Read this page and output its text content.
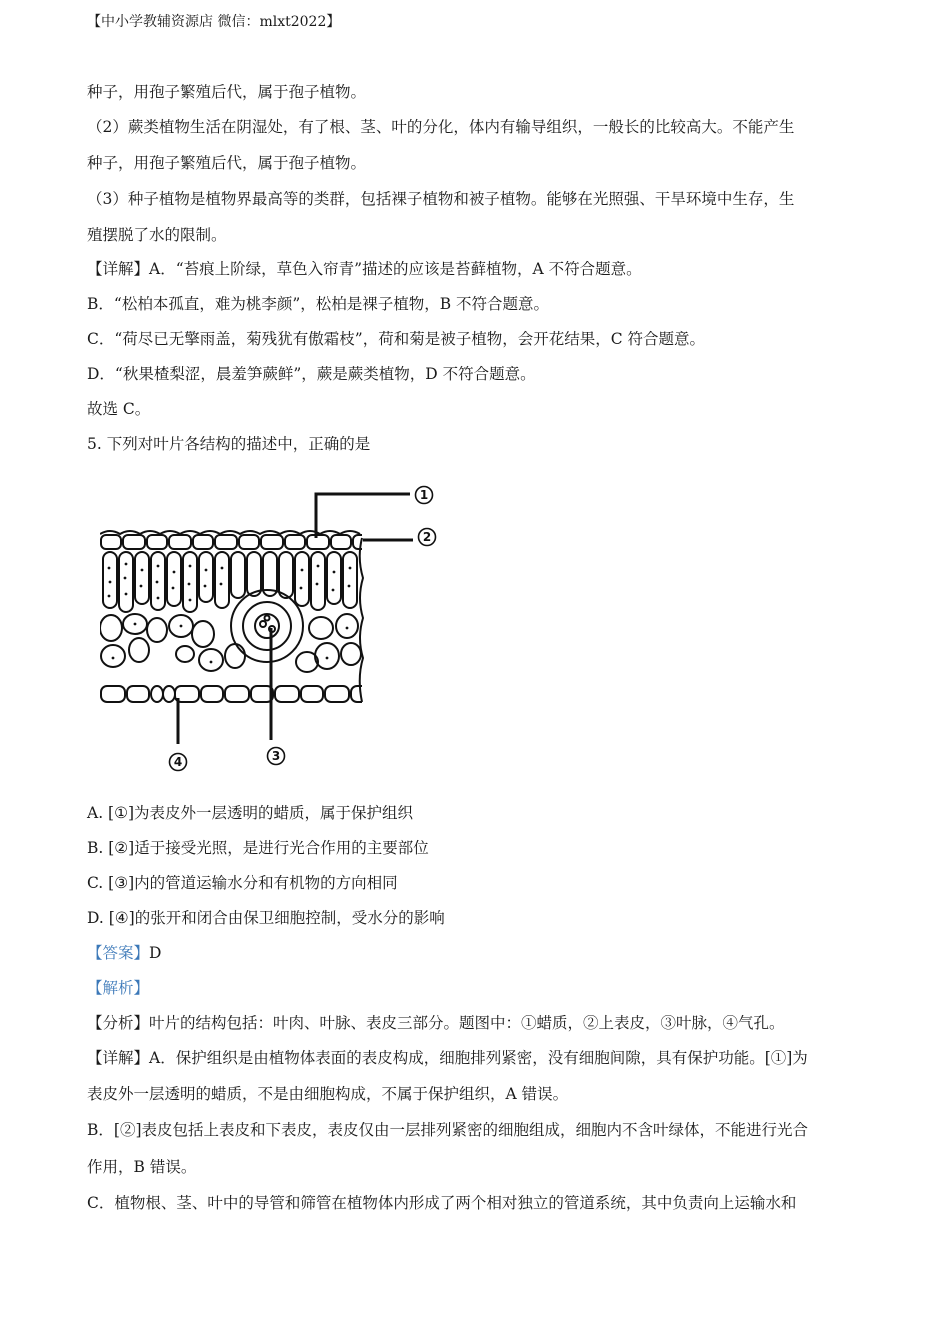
【中小学教辅资源店 微信：mlxt2022】
种子，用孢子繁殖后代，属于孢子植物。
（2）蕨类植物生活在阴湿处，有了根、茎、叶的分化，体内有输导组织，一般长的比较高大。不能产生
种子，用孢子繁殖后代，属于孢子植物。
（3）种子植物是植物界最高等的类群，包括裸子植物和被子植物。能够在光照强、干旱环境中生存，生
殖摆脱了水的限制。
【详解】A．“苔痕上阶绿，草色入帘青”描述的应该是苔藓植物，A 不符合题意。
B．“松柏本孤直，难为桃李颜”，松柏是裸子植物，B 不符合题意。
C．“荷尽已无擎雨盖，菊残犹有傲霜枝”，荷和菊是被子植物，会开花结果，C 符合题意。
D．“秋果楂梨涩，晨羞笋蕨鲜”，蕨是蕨类植物，D 不符合题意。
故选 C。
5. 下列对叶片各结构的描述中，正确的是
1
2
3
4
A. [①]为表皮外一层透明的蜡质，属于保护组织
B. [②]适于接受光照，是进行光合作用的主要部位
C. [③]内的管道运输水分和有机物的方向相同
D. [④]的张开和闭合由保卫细胞控制，受水分的影响
【答案】D
【解析】
【分析】叶片的结构包括：叶肉、叶脉、表皮三部分。题图中：①蜡质，②上表皮，③叶脉，④气孔。
【详解】A．保护组织是由植物体表面的表皮构成，细胞排列紧密，没有细胞间隙，具有保护功能。[①]为
表皮外一层透明的蜡质，不是由细胞构成，不属于保护组织，A 错误。
B．[②]表皮包括上表皮和下表皮，表皮仅由一层排列紧密的细胞组成，细胞内不含叶绿体，不能进行光合
作用，B 错误。
C．植物根、茎、叶中的导管和筛管在植物体内形成了两个相对独立的管道系统，其中负责向上运输水和
